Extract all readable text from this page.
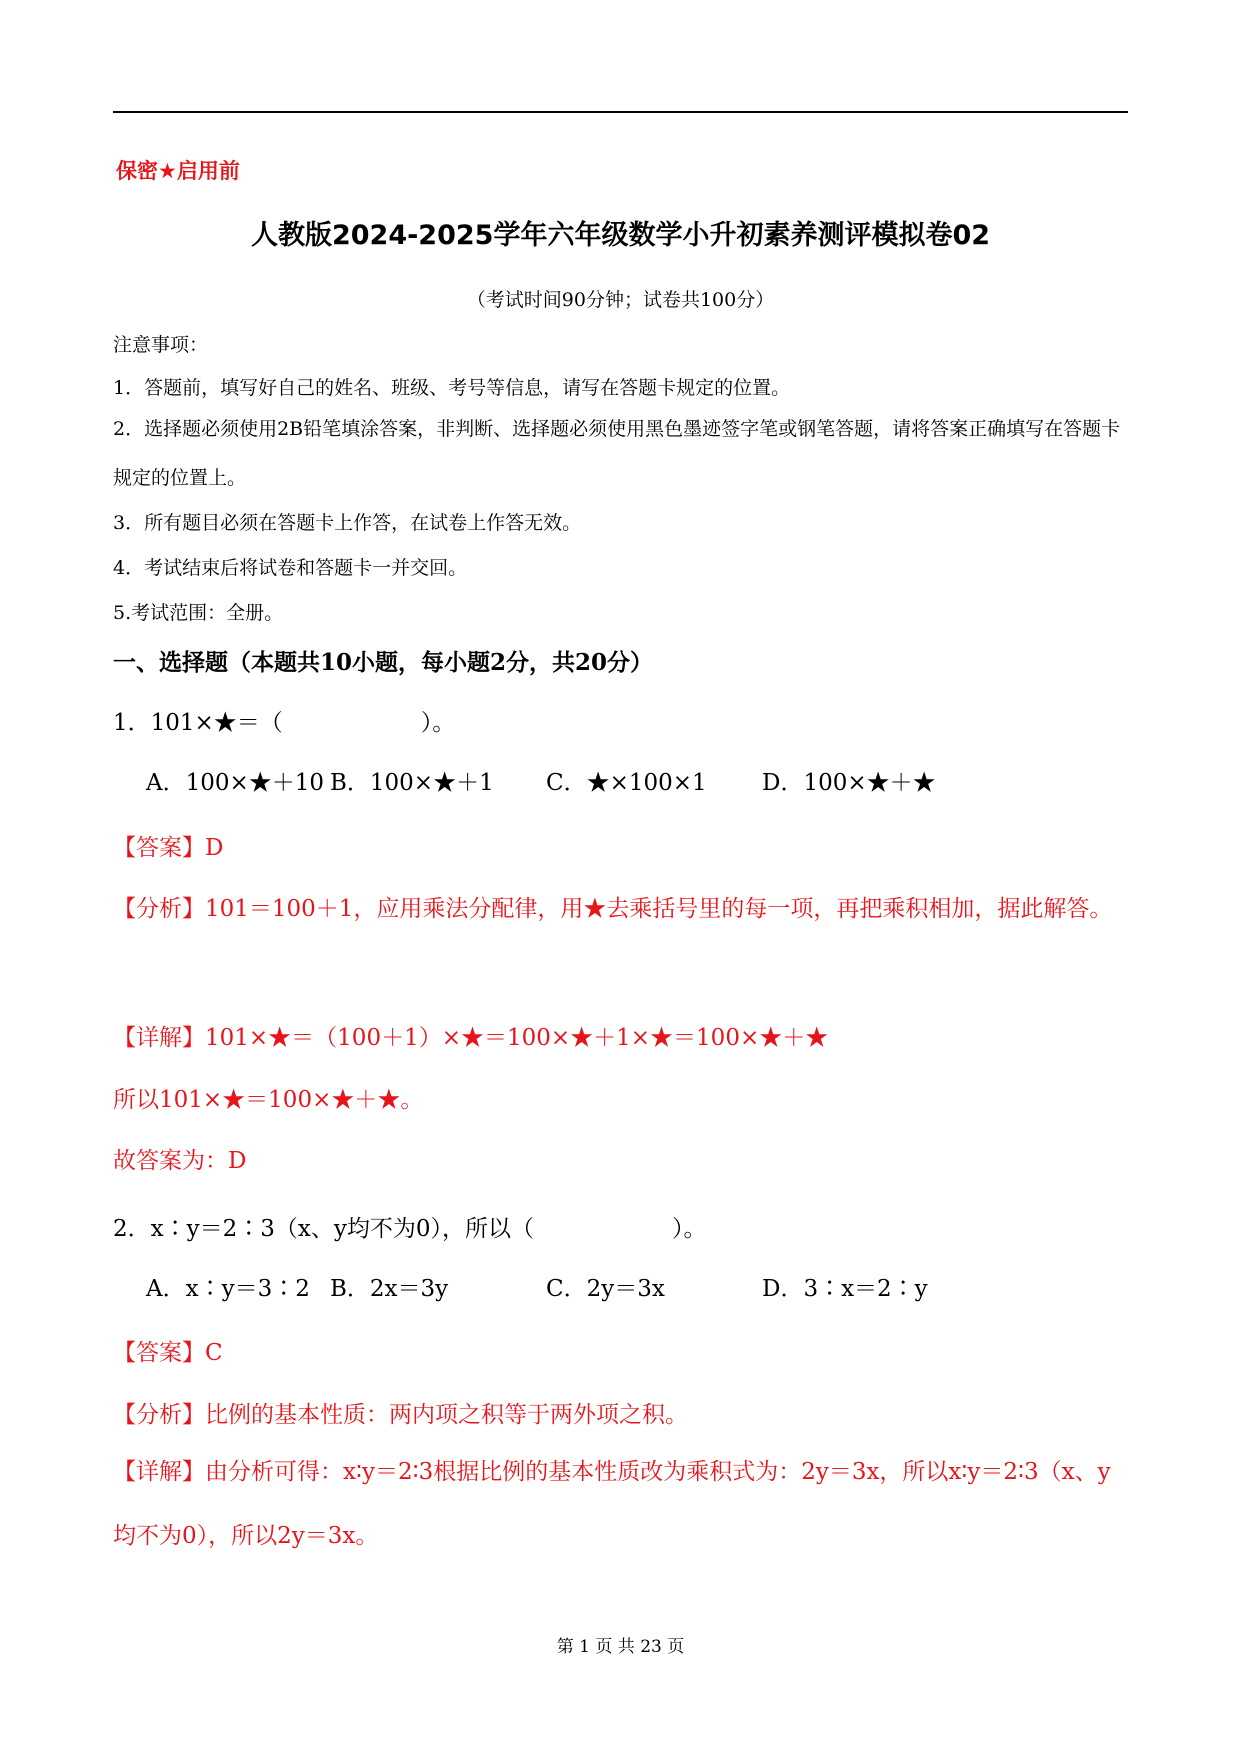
保密★启用前
人教版2024-2025学年六年级数学小升初素养测评模拟卷02
（考试时间90分钟；试卷共100分）
注意事项：
1．答题前，填写好自己的姓名、班级、考号等信息，请写在答题卡规定的位置。
2．选择题必须使用2B铅笔填涂答案，非判断、选择题必须使用黑色墨迹签字笔或钢笔答题，请将答案正确填写在答题卡规定的位置上。
3．所有题目必须在答题卡上作答，在试卷上作答无效。
4．考试结束后将试卷和答题卡一并交回。
5.考试范围：全册。
一、选择题（本题共10小题，每小题2分，共20分）
1．101×★＝（　　　　　　）。
A．100×★＋10 B．100×★＋1 C．★×100×1 D．100×★＋★
【答案】D
【分析】101＝100＋1，应用乘法分配律，用★去乘括号里的每一项，再把乘积相加，据此解答。
【详解】101×★＝（100＋1）×★＝100×★＋1×★＝100×★＋★
所以101×★＝100×★＋★。
故答案为：D
2．x∶y＝2∶3（x、y均不为0），所以（　　　　　　）。
A．x∶y＝3∶2 B．2x＝3y	C．2y＝3x	D．3∶x＝2∶y
【答案】C
【分析】比例的基本性质：两内项之积等于两外项之积。
【详解】由分析可得：x∶y＝2∶3根据比例的基本性质改为乘积式为：2y＝3x，所以x∶y＝2∶3（x、y均不为0），所以2y＝3x。
第 1 页 共 23 页
